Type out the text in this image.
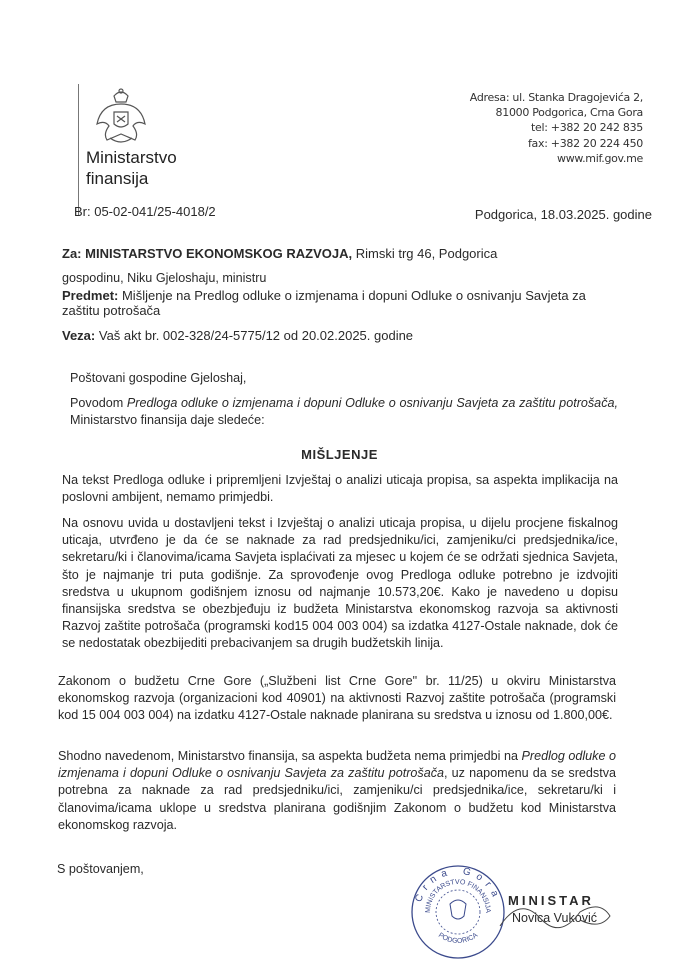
Ministarstvo
finansija
Adresa: ul. Stanka Dragojevića 2,
81000 Podgorica, Crna Gora
tel: +382 20 242 835
fax: +382 20 224 450
www.mif.gov.me
Br: 05-02-041/25-4018/2	Podgorica, 18.03.2025. godine
Za: MINISTARSTVO EKONOMSKOG RAZVOJA, Rimski trg 46, Podgorica
gospodinu, Niku Gjeloshaju, ministru
Predmet: Mišljenje na Predlog odluke o izmjenama i dopuni Odluke o osnivanju Savjeta za zaštitu potrošača
Veza: Vaš akt br. 002-328/24-5775/12 od 20.02.2025. godine
Poštovani gospodine Gjeloshaj,
Povodom Predloga odluke o izmjenama i dopuni Odluke o osnivanju Savjeta za zaštitu potrošača, Ministarstvo finansija daje sledeće:
MIŠLJENJE
Na tekst Predloga odluke i pripremljeni Izvještaj o analizi uticaja propisa, sa aspekta implikacija na poslovni ambijent, nemamo primjedbi.
Na osnovu uvida u dostavljeni tekst i Izvještaj o analizi uticaja propisa, u dijelu procjene fiskalnog uticaja, utvrđeno je da će se naknade za rad predsjedniku/ici, zamjeniku/ci predsjednika/ice, sekretaru/ki i članovima/icama Savjeta isplaćivati za mjesec u kojem će se održati sjednica Savjeta, što je najmanje tri puta godišnje. Za sprovođenje ovog Predloga odluke potrebno je izdvojiti sredstva u ukupnom godišnjem iznosu od najmanje 10.573,20€. Kako je navedeno u dopisu finansijska sredstva se obezbjeđuju iz budžeta Ministarstva ekonomskog razvoja sa aktivnosti Razvoj zaštite potrošača (programski kod15 004 003 004) sa izdatka 4127-Ostale naknade, dok će se nedostatak obezbijediti prebacivanjem sa drugih budžetskih linija.
Zakonom o budžetu Crne Gore („Službeni list Crne Gore" br. 11/25) u okviru Ministarstva ekonomskog razvoja (organizacioni kod 40901) na aktivnosti Razvoj zaštite potrošača (programski kod 15 004 003 004) na izdatku 4127-Ostale naknade planirana su sredstva u iznosu od 1.800,00€.
Shodno navedenom, Ministarstvo finansija, sa aspekta budžeta nema primjedbi na Predlog odluke o izmjenama i dopuni Odluke o osnivanju Savjeta za zaštitu potrošača, uz napomenu da se sredstva potrebna za naknade za rad predsjedniku/ici, zamjeniku/ci predsjednika/ice, sekretaru/ki i članovima/icama uklope u sredstva planirana godišnjim Zakonom o budžetu kod Ministarstva ekonomskog razvoja.
S poštovanjem,
Crna Gora
MINISTARSTVO FINANSIJA
PODGORICA
MINISTAR
Novica Vuković
